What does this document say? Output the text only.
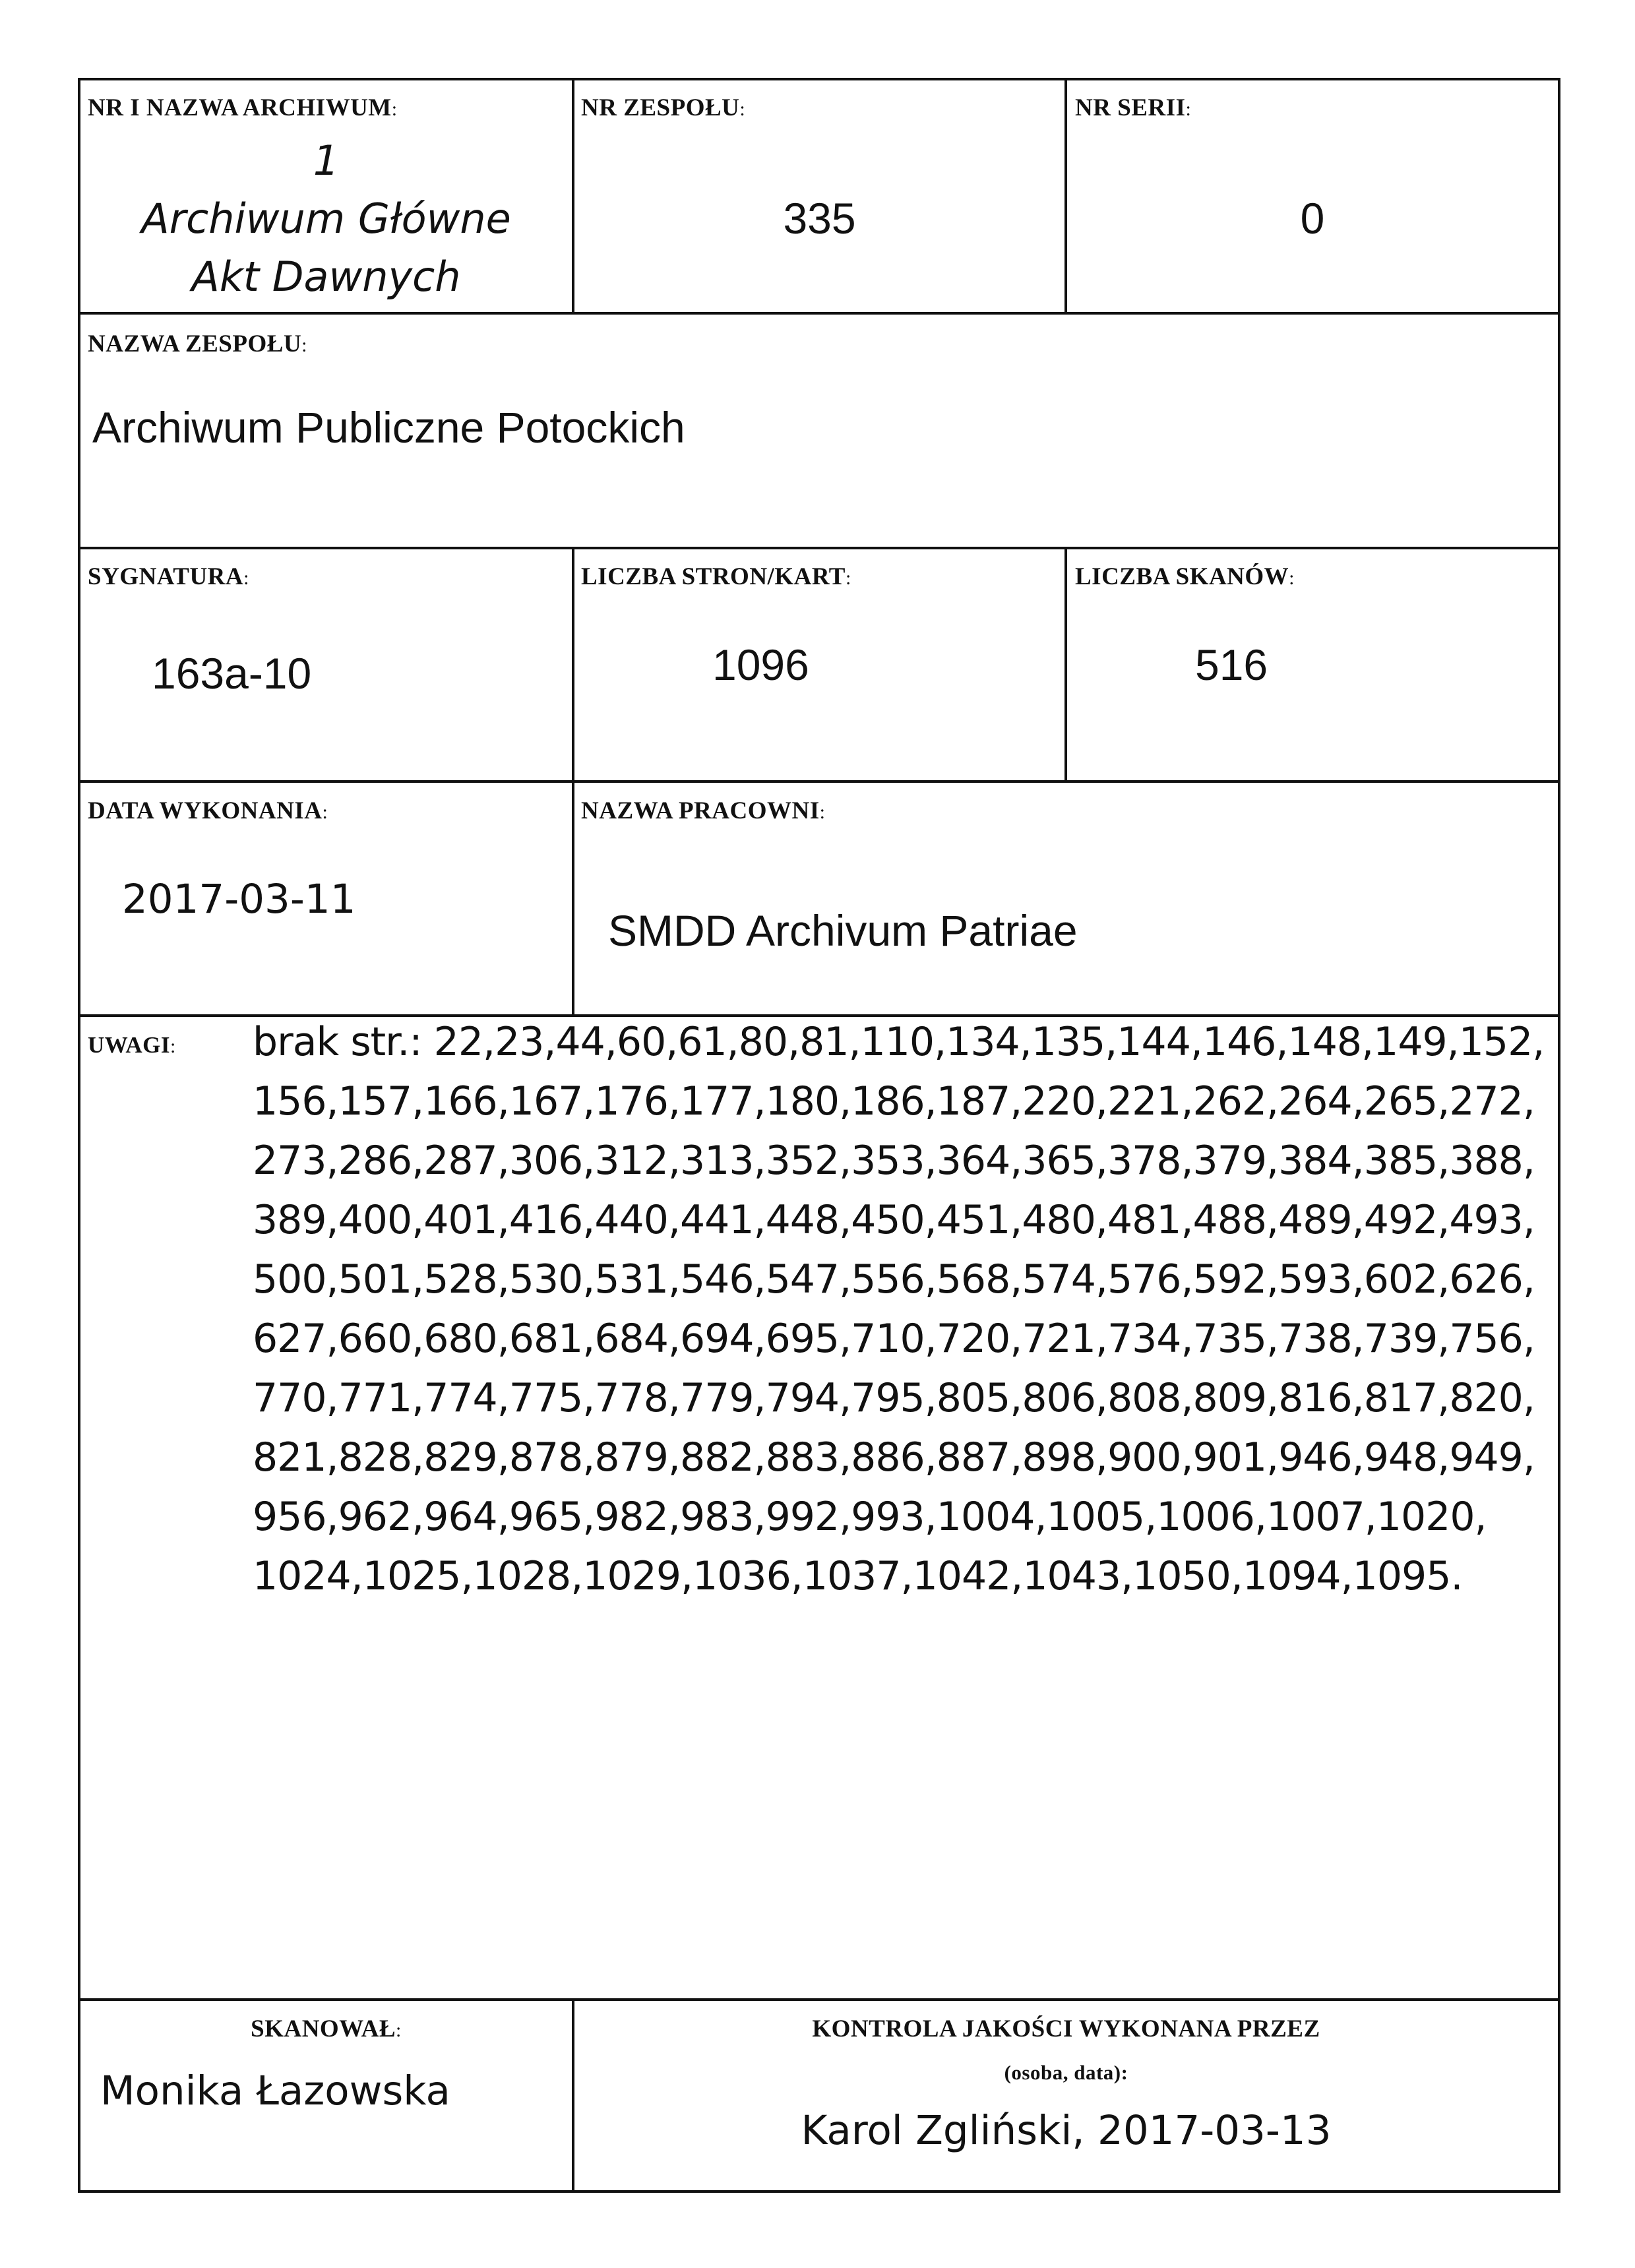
NR I NAZWA ARCHIWUM:
1
Archiwum Główne
Akt Dawnych
NR ZESPOŁU:
335
NR SERII:
0
NAZWA ZESPOŁU:
Archiwum Publiczne Potockich
SYGNATURA:
163a-10
LICZBA STRON/KART:
1096
LICZBA SKANÓW:
516
DATA WYKONANIA:
2017-03-11
NAZWA PRACOWNI:
SMDD Archivum Patriae
UWAGI: brak str.: 22,23,44,60,61,80,81,110,134,135,144,146,148,149,152,
156,157,166,167,176,177,180,186,187,220,221,262,264,265,272,
273,286,287,306,312,313,352,353,364,365,378,379,384,385,388,
389,400,401,416,440,441,448,450,451,480,481,488,489,492,493,
500,501,528,530,531,546,547,556,568,574,576,592,593,602,626,
627,660,680,681,684,694,695,710,720,721,734,735,738,739,756,
770,771,774,775,778,779,794,795,805,806,808,809,816,817,820,
821,828,829,878,879,882,883,886,887,898,900,901,946,948,949,
956,962,964,965,982,983,992,993,1004,1005,1006,1007,1020,
1024,1025,1028,1029,1036,1037,1042,1043,1050,1094,1095.
SKANOWAŁ:
Monika Łazowska
KONTROLA JAKOŚCI WYKONANA PRZEZ
(osoba, data):
Karol Zgliński, 2017-03-13
